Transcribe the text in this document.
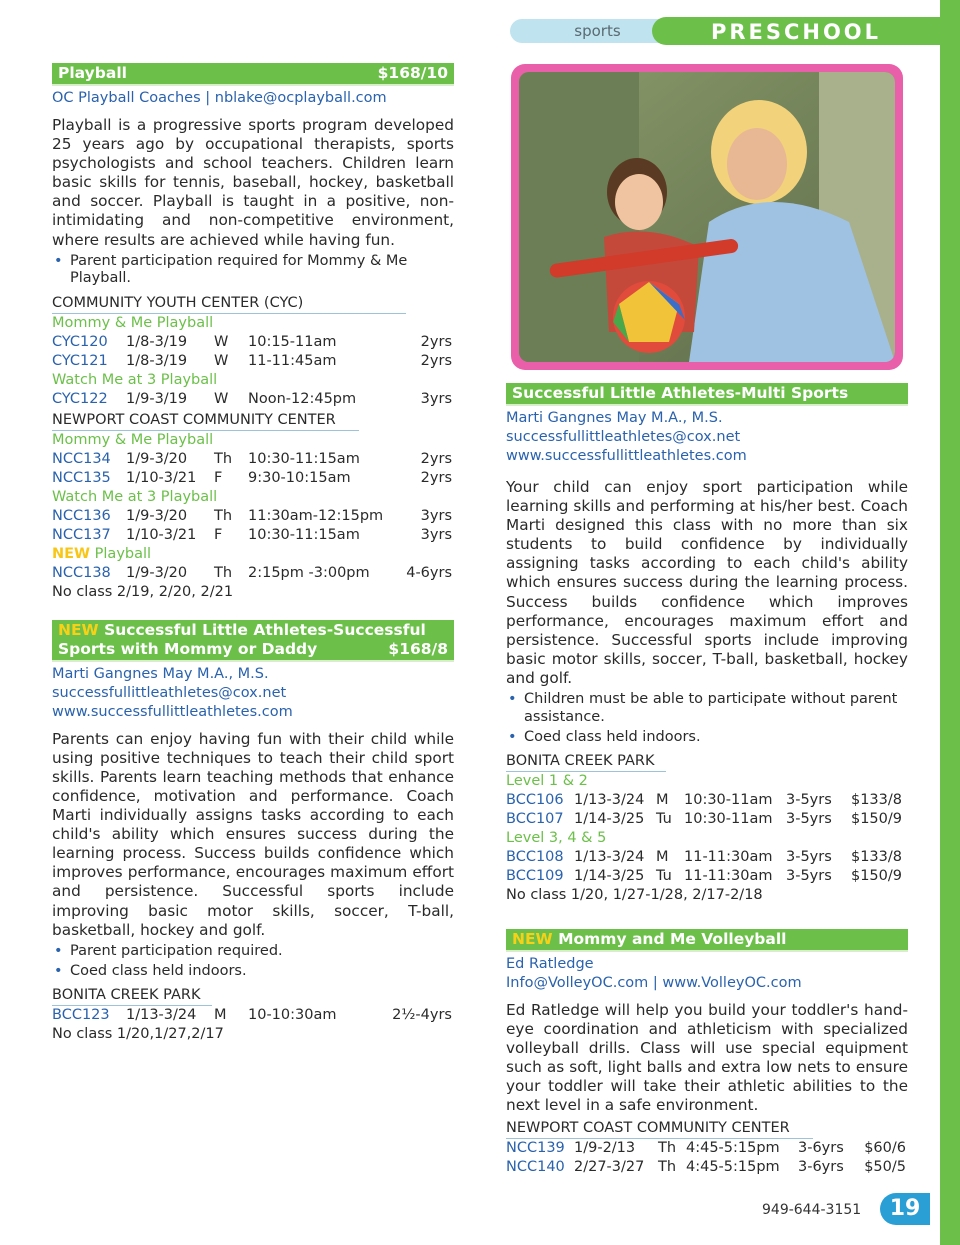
sports	PRESCHOOL
Playball	$168/10
OC Playball Coaches | nblake@ocplayball.com

Playball is a progressive sports program developed 25 years ago by occupational therapists, sports psychologists and school teachers. Children learn basic skills for tennis, baseball, hockey, basketball and soccer. Playball is taught in a positive, non-intimidating and non-competitive environment, where results are achieved while having fun.

• Parent participation required for Mommy & Me Playball.
COMMUNITY YOUTH CENTER (CYC)
Mommy & Me Playball
CYC120 1/8-3/19 W 10:15-11am	2yrs
CYC121 1/8-3/19 W 11-11:45am	2yrs
Watch Me at 3 Playball
CYC122 1/9-3/19 W Noon-12:45pm	3yrs
NEWPORT COAST COMMUNITY CENTER
Mommy & Me Playball
NCC134 1/9-3/20 Th 10:30-11:15am	2yrs
NCC135 1/10-3/21 F 9:30-10:15am	2yrs
Watch Me at 3 Playball
NCC136 1/9-3/20 Th 11:30am-12:15pm	3yrs
NCC137 1/10-3/21 F 10:30-11:15am	3yrs
NEW Playball
NCC138 1/9-3/20 Th 2:15pm -3:00pm	4-6yrs
No class 2/19, 2/20, 2/21
NEW Successful Little Athletes-Successful
Sports with Mommy or Daddy	$168/8
Marti Gangnes May M.A., M.S.
successfullittleathletes@cox.net
www.successfullittleathletes.com

Parents can enjoy having fun with their child while using positive techniques to teach their child sport skills. Parents learn teaching methods that enhance confidence, motivation and performance. Coach Marti individually assigns tasks according to each child's ability which ensures success during the learning process. Success builds confidence which improves performance, encourages maximum effort and persistence. Successful sports include improving basic motor skills, soccer, T-ball, basketball, hockey and golf.

• Parent participation required.
• Coed class held indoors.
BONITA CREEK PARK
BCC123 1/13-3/24 M 10-10:30am	2½-4yrs
No class 1/20,1/27,2/17
Successful Little Athletes-Multi Sports
Marti Gangnes May M.A., M.S.
successfullittleathletes@cox.net
www.successfullittleathletes.com

Your child can enjoy sport participation while learning skills and performing at his/her best. Coach Marti designed this class with no more than six students to build confidence by individually assigning tasks according to each child's ability which ensures success during the learning process. Success builds confidence which improves performance, encourages maximum effort and persistence. Successful sports include improving basic motor skills, soccer, T-ball, basketball, hockey and golf.

• Children must be able to participate without parent assistance.
• Coed class held indoors.
BONITA CREEK PARK
Level 1 & 2
BCC106 1/13-3/24 M 10:30-11am 3-5yrs $133/8
BCC107 1/14-3/25 Tu 10:30-11am 3-5yrs $150/9
Level 3, 4 & 5
BCC108 1/13-3/24 M 11-11:30am 3-5yrs $133/8
BCC109 1/14-3/25 Tu 11-11:30am 3-5yrs $150/9
No class 1/20, 1/27-1/28, 2/17-2/18
NEW Mommy and Me Volleyball
Ed Ratledge
Info@VolleyOC.com | www.VolleyOC.com

Ed Ratledge will help you build your toddler's hand-eye coordination and athleticism with specialized volleyball drills. Class will use special equipment such as soft, light balls and extra low nets to ensure your toddler will take their athletic abilities to the next level in a safe environment.

NEWPORT COAST COMMUNITY CENTER
NCC139 1/9-2/13 Th 4:45-5:15pm 3-6yrs $60/6
NCC140 2/27-3/27 Th 4:45-5:15pm 3-6yrs $50/5
949-644-3151	19
